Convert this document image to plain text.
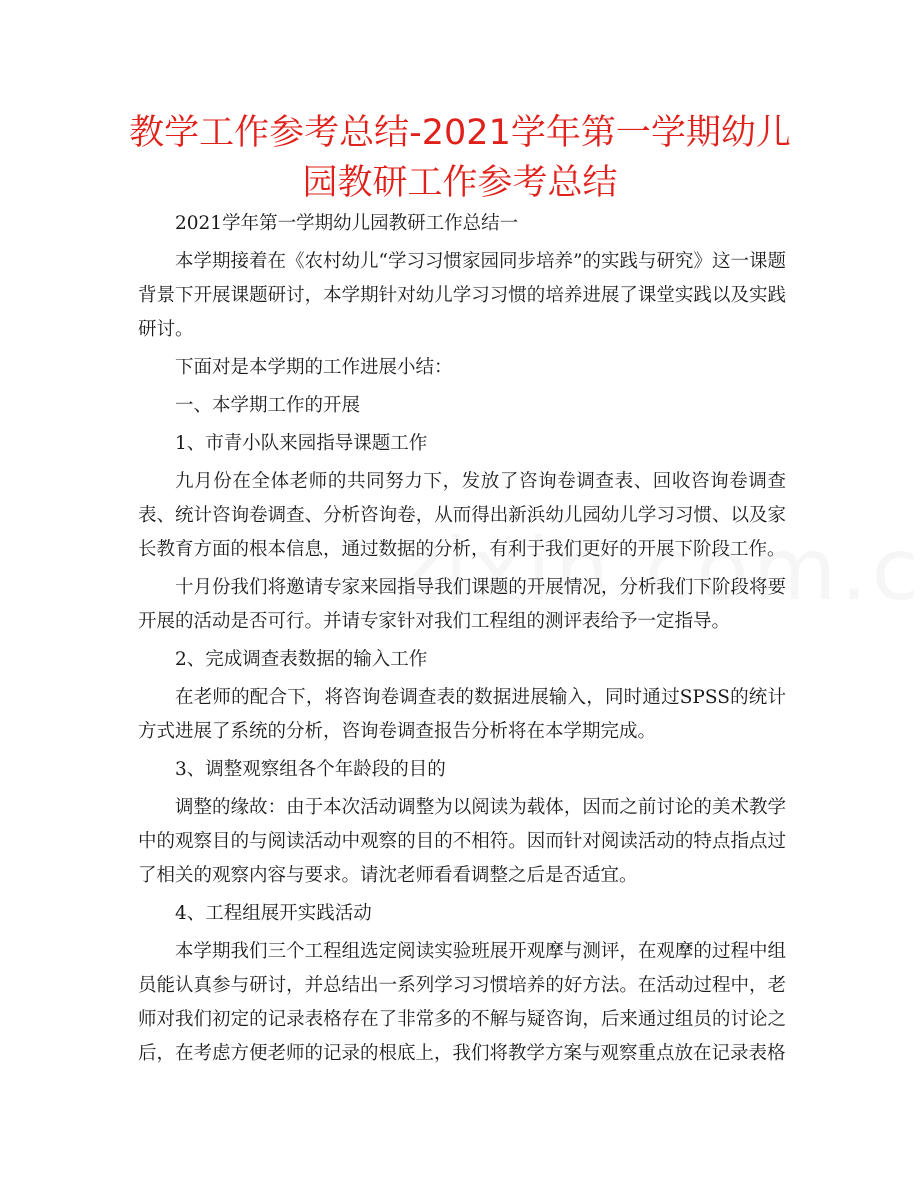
教学工作参考总结-2021学年第一学期幼儿园教研工作参考总结

2021学年第一学期幼儿园教研工作总结一

本学期接着在《农村幼儿“学习习惯家园同步培养”的实践与研究》这一课题背景下开展课题研讨，本学期针对幼儿学习习惯的培养进展了课堂实践以及实践研讨。

下面对是本学期的工作进展小结：

一、本学期工作的开展

1、市青小队来园指导课题工作

九月份在全体老师的共同努力下，发放了咨询卷调查表、回收咨询卷调查表、统计咨询卷调查、分析咨询卷，从而得出新浜幼儿园幼儿学习习惯、以及家长教育方面的根本信息，通过数据的分析，有利于我们更好的开展下阶段工作。

十月份我们将邀请专家来园指导我们课题的开展情况，分析我们下阶段将要开展的活动是否可行。并请专家针对我们工程组的测评表给予一定指导。

2、完成调查表数据的输入工作

在老师的配合下，将咨询卷调查表的数据进展输入，同时通过SPSS的统计方式进展了系统的分析，咨询卷调查报告分析将在本学期完成。

3、调整观察组各个年龄段的目的

调整的缘故：由于本次活动调整为以阅读为载体，因而之前讨论的美术教学中的观察目的与阅读活动中观察的目的不相符。因而针对阅读活动的特点指点过了相关的观察内容与要求。请沈老师看看调整之后是否适宜。

4、工程组展开实践活动

本学期我们三个工程组选定阅读实验班展开观摩与测评，在观摩的过程中组员能认真参与研讨，并总结出一系列学习习惯培养的好方法。在活动过程中，老师对我们初定的记录表格存在了非常多的不解与疑咨询，后来通过组员的讨论之后，在考虑方便老师的记录的根底上，我们将教学方案与观察重点放在记录表格
